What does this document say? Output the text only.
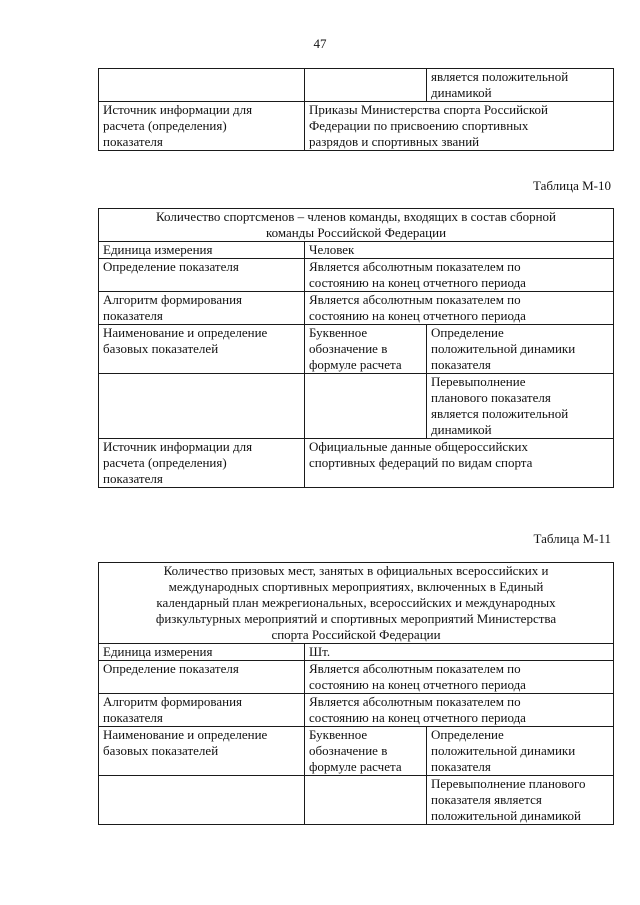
47

		является положительной
динамикой

Источник информации для
расчета (определения)
показателя	Приказы Министерства спорта Российской
Федерации по присвоению спортивных
разрядов и спортивных званий	
Таблица М-10
Количество спортсменов – членов команды, входящих в состав сборной
команды Российской Федерации		

Единица измерения	Человек	

Определение показателя	Является абсолютным показателем по
состоянию на конец отчетного периода	

Алгоритм формирования
показателя	Является абсолютным показателем по
состоянию на конец отчетного периода	

Наименование и определение
базовых показателей	Буквенное
обозначение в
формуле расчета	Определение
положительной динамики
показателя

		Перевыполнение
планового показателя
является положительной
динамикой

Источник информации для
расчета (определения)
показателя	Официальные данные общероссийских
спортивных федераций по видам спорта	
Таблица М-11
Количество призовых мест, занятых в официальных всероссийских и
международных спортивных мероприятиях, включенных в Единый
календарный план межрегиональных, всероссийских и международных
физкультурных мероприятий и спортивных мероприятий Министерства
спорта Российской Федерации		

Единица измерения	Шт.	

Определение показателя	Является абсолютным показателем по
состоянию на конец отчетного периода	

Алгоритм формирования
показателя	Является абсолютным показателем по
состоянию на конец отчетного периода	

Наименование и определение
базовых показателей	Буквенное
обозначение в
формуле расчета	Определение
положительной динамики
показателя

		Перевыполнение планового
показателя является
положительной динамикой
